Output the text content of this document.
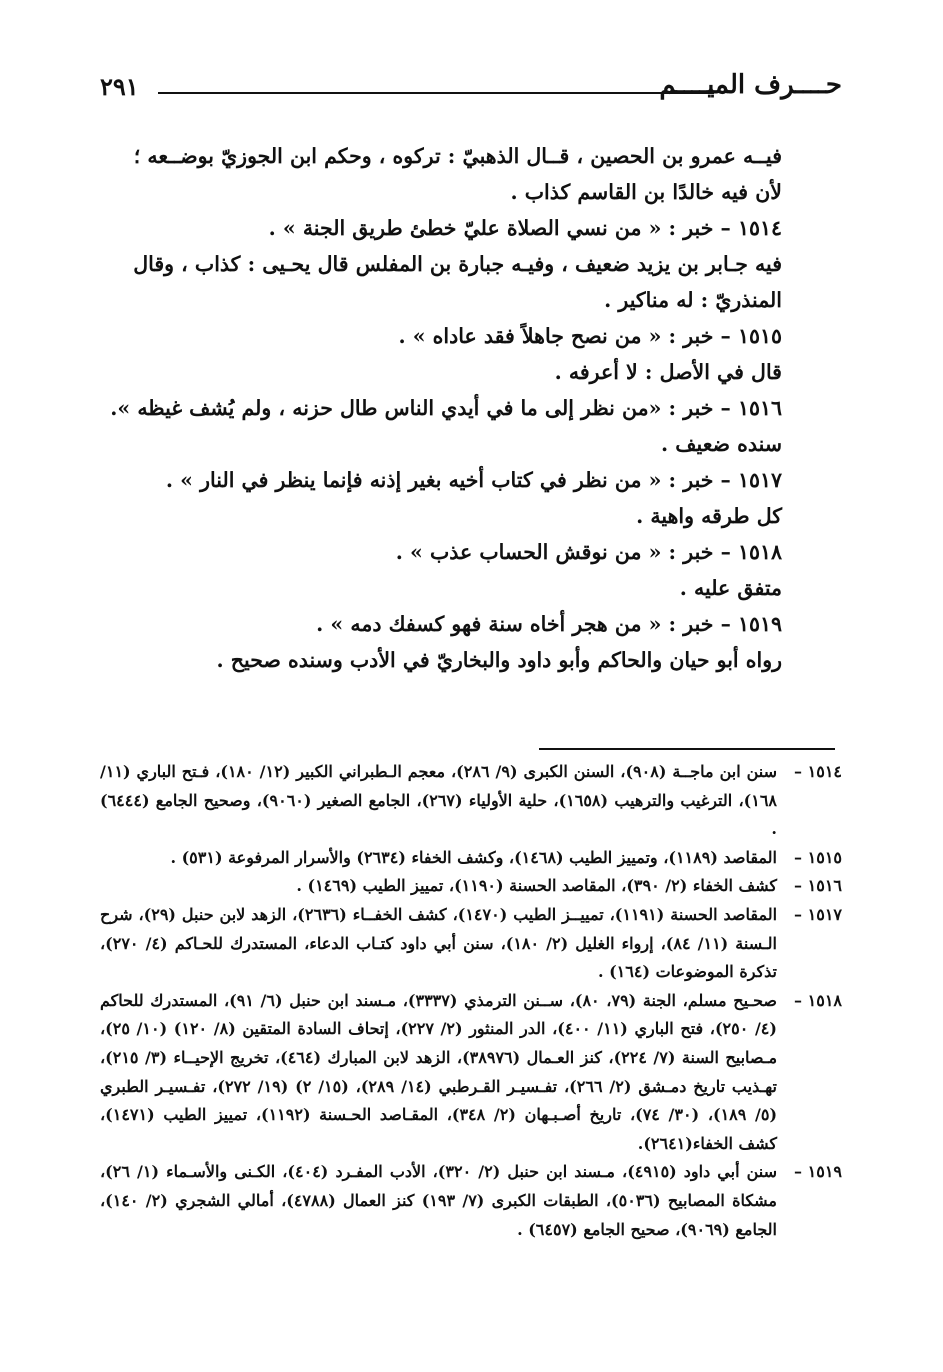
حــــرف الميــــم
٢٩١

فيــه عمرو بن الحصين ، قــال الذهبيّ : تركوه ، وحكم ابن الجوزيّ بوضــعه ؛ لأن فيه خالدًا بن القاسم كذاب .

١٥١٤ – خبر : « من نسي الصلاة عليّ خطئ طريق الجنة » .

فيه جـابر بن يزيد ضعيف ، وفيـه جبارة بن المفلس قال يحـيى : كذاب ، وقال المنذريّ : له مناكير .

١٥١٥ – خبر : « من نصح جاهلاً فقد عاداه » .

قال في الأصل : لا أعرفه .

١٥١٦ – خبر : «من نظر إلى ما في أيدي الناس طال حزنه ، ولم يُشف غيظه ».

سنده ضعيف .

١٥١٧ – خبر : « من نظر في كتاب أخيه بغير إذنه فإنما ينظر في النار » .

كل طرقه واهية .

١٥١٨ – خبر : « من نوقش الحساب عذب » .

متفق عليه .

١٥١٩ – خبر : « من هجر أخاه سنة فهو كسفك دمه » .

رواه أبو حيان والحاكم وأبو داود والبخاريّ في الأدب وسنده صحيح .

١٥١٤ –
سنن ابن ماجــة (٩٠٨)، السنن الكبرى (٩/ ٢٨٦)، معجم الـطبراني الكبير (١٢/ ١٨٠)، فـتح الباري (١١/ ١٦٨)، الترغيب والترهيب (١٦٥٨)، حلية الأولياء (٢٦٧)، الجامع الصغير (٩٠٦٠)، وصحيح الجامع (٦٤٤٤) .

١٥١٥ –
المقاصد (١١٨٩)، وتمييز الطيب (١٤٦٨)، وكشف الخفاء (٢٦٣٤) والأسرار المرفوعة (٥٣١) .

١٥١٦ –
كشف الخفاء (٢/ ٣٩٠)، المقاصد الحسنة (١١٩٠)، تمييز الطيب (١٤٦٩) .

١٥١٧ –
المقاصد الحسنة (١١٩١)، تمييــز الطيب (١٤٧٠)، كشف الخفــاء (٢٦٣٦)، الزهد لابن حنبل (٢٩)، شرح الـسنة (١١/ ٨٤)، إرواء الغليل (٢/ ١٨٠)، سنن أبي داود كتـاب الدعاء، المستدرك للحـاكم (٤/ ٢٧٠)، تذكرة الموضوعات (١٦٤) .

١٥١٨ –
صحـيح مسلم، الجنة (٧٩، ٨٠)، ســنن الترمذي (٣٣٣٧)، مـسند ابن حنبل (٦/ ٩١)، المستدرك للحاكم (٤/ ٢٥٠)، فتح الباري (١١/ ٤٠٠)، الدر المنثور (٢/ ٢٢٧)، إتحاف السادة المتقين (٨/ ١٢٠) (١٠/ ٢٥)، مـصابيح السنة (٧/ ٢٢٤)، كنز العـمال (٣٨٩٧٦)، الزهد لابن المبارك (٤٦٤)، تخريج الإحيــاء (٣/ ٢١٥)، تهـذيب تاريخ دمـشق (٢/ ٢٦٦)، تفـسيـر القـرطبي (١٤/ ٢٨٩)، (١٥/ ٢) (١٩/ ٢٧٢)، تفـسيـر الطبري (٥/ ١٨٩)، (٣٠/ ٧٤)، تاريخ أصـبـهان (٢/ ٣٤٨)، المقـاصد الحـسنة (١١٩٢)، تمييز الطيب (١٤٧١)، كشف الخفاء(٢٦٤١).

١٥١٩ –
سنن أبي داود (٤٩١٥)، مـسند ابن حنبل (٢/ ٣٢٠)، الأدب المفـرد (٤٠٤)، الكـنى والأسـماء (١/ ٢٦)، مشكاة المصابيح (٥٠٣٦)، الطبقات الكبرى (٧/ ١٩٣) كنز العمال (٤٧٨٨)، أمالي الشجري (٢/ ١٤٠)، الجامع (٩٠٦٩)، صحيح الجامع (٦٤٥٧) .
